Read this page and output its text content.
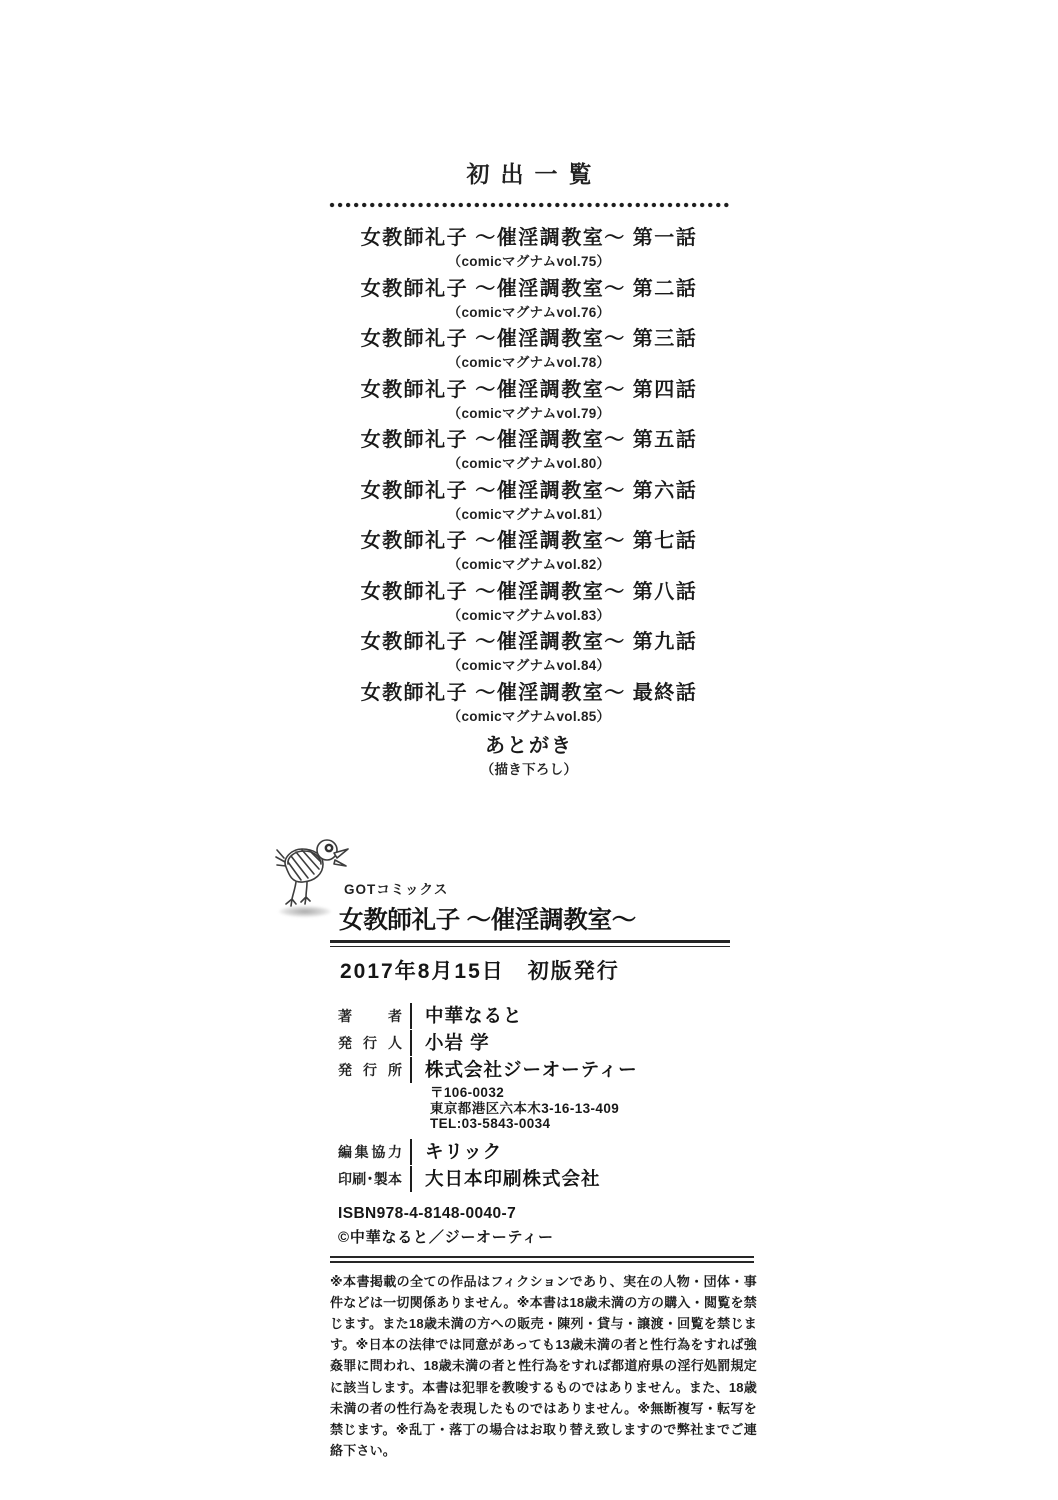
初出一覧
女教師礼子 ～催淫調教室～ 第一話
（comicマグナムvol.75）
女教師礼子 ～催淫調教室～ 第二話
（comicマグナムvol.76）
女教師礼子 ～催淫調教室～ 第三話
（comicマグナムvol.78）
女教師礼子 ～催淫調教室～ 第四話
（comicマグナムvol.79）
女教師礼子 ～催淫調教室～ 第五話
（comicマグナムvol.80）
女教師礼子 ～催淫調教室～ 第六話
（comicマグナムvol.81）
女教師礼子 ～催淫調教室～ 第七話
（comicマグナムvol.82）
女教師礼子 ～催淫調教室～ 第八話
（comicマグナムvol.83）
女教師礼子 ～催淫調教室～ 第九話
（comicマグナムvol.84）
女教師礼子 ～催淫調教室～ 最終話
（comicマグナムvol.85）
あとがき
（描き下ろし）
GOTコミックス
女教師礼子 ～催淫調教室～
2017年8月15日　初版発行
著 者	中華なると
発 行 人	小岩 学
発 行 所	株式会社ジーオーティー
〒106-0032
東京都港区六本木3-16-13-409
TEL:03-5843-0034
編集協力	キリック
印刷･製本	大日本印刷株式会社
ISBN978-4-8148-0040-7
©中華なると／ジーオーティー
※本書掲載の全ての作品はフィクションであり、実在の人物・団体・事件などは一切関係ありません。※本書は18歳未満の方の購入・閲覧を禁じます。また18歳未満の方への販売・陳列・貸与・譲渡・回覧を禁じます。※日本の法律では同意があっても13歳未満の者と性行為をすれば強姦罪に問われ、18歳未満の者と性行為をすれば都道府県の淫行処罰規定に該当します。本書は犯罪を教唆するものではありません。また、18歳未満の者の性行為を表現したものではありません。※無断複写・転写を禁じます。※乱丁・落丁の場合はお取り替え致しますので弊社までご連絡下さい。
